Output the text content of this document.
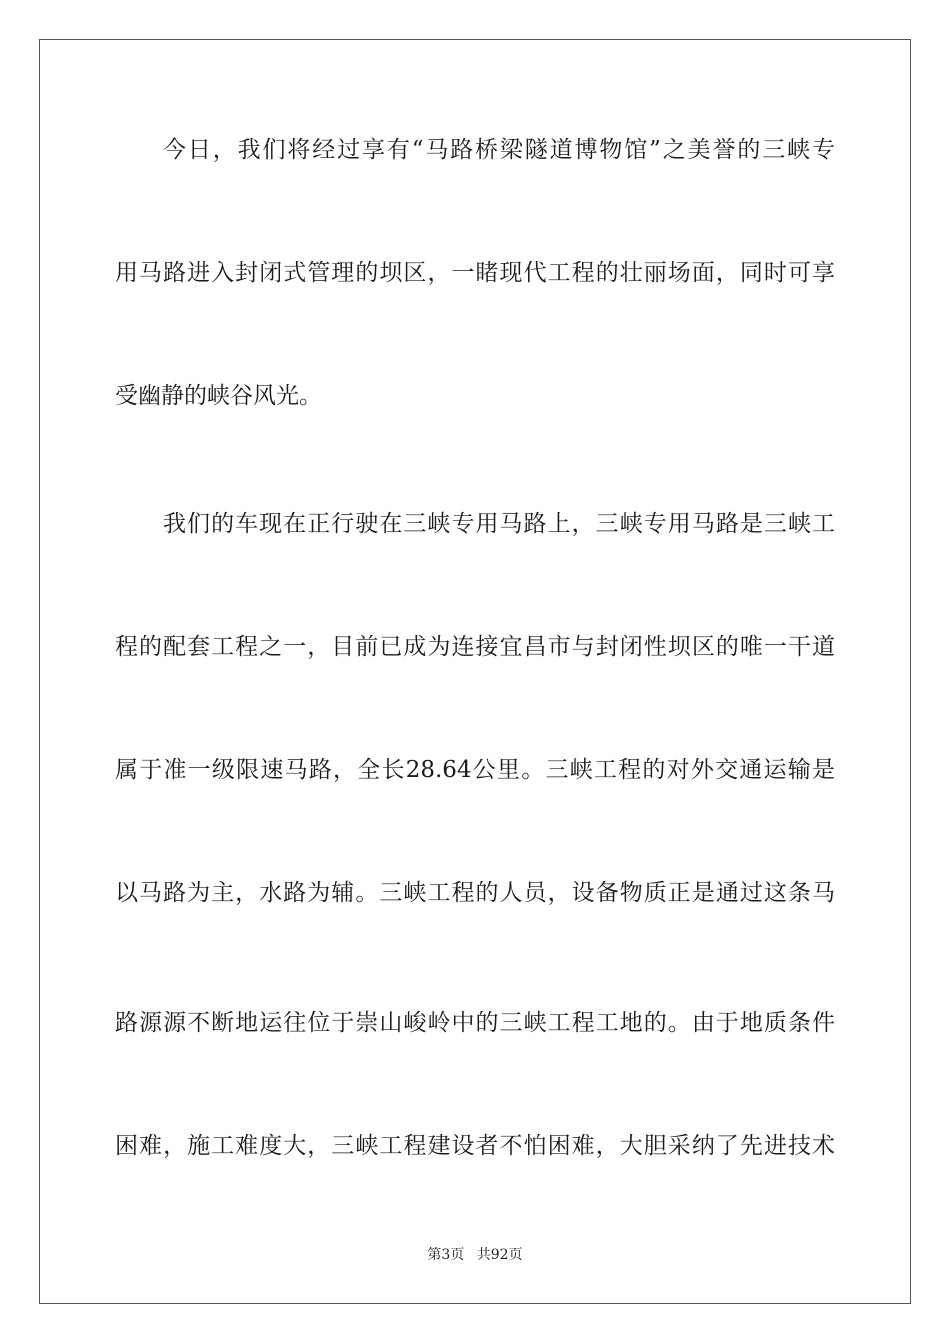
今日，我们将经过享有“马路桥梁隧道博物馆”之美誉的三峡专
用马路进入封闭式管理的坝区，一睹现代工程的壮丽场面，同时可享
受幽静的峡谷风光。
我们的车现在正行驶在三峡专用马路上，三峡专用马路是三峡工
程的配套工程之一，目前已成为连接宜昌市与封闭性坝区的唯一干道
属于准一级限速马路，全长28.64公里。三峡工程的对外交通运输是
以马路为主，水路为辅。三峡工程的人员，设备物质正是通过这条马
路源源不断地运往位于崇山峻岭中的三峡工程工地的。由于地质条件
困难，施工难度大，三峡工程建设者不怕困难，大胆采纳了先进技术
第3页 共92页
